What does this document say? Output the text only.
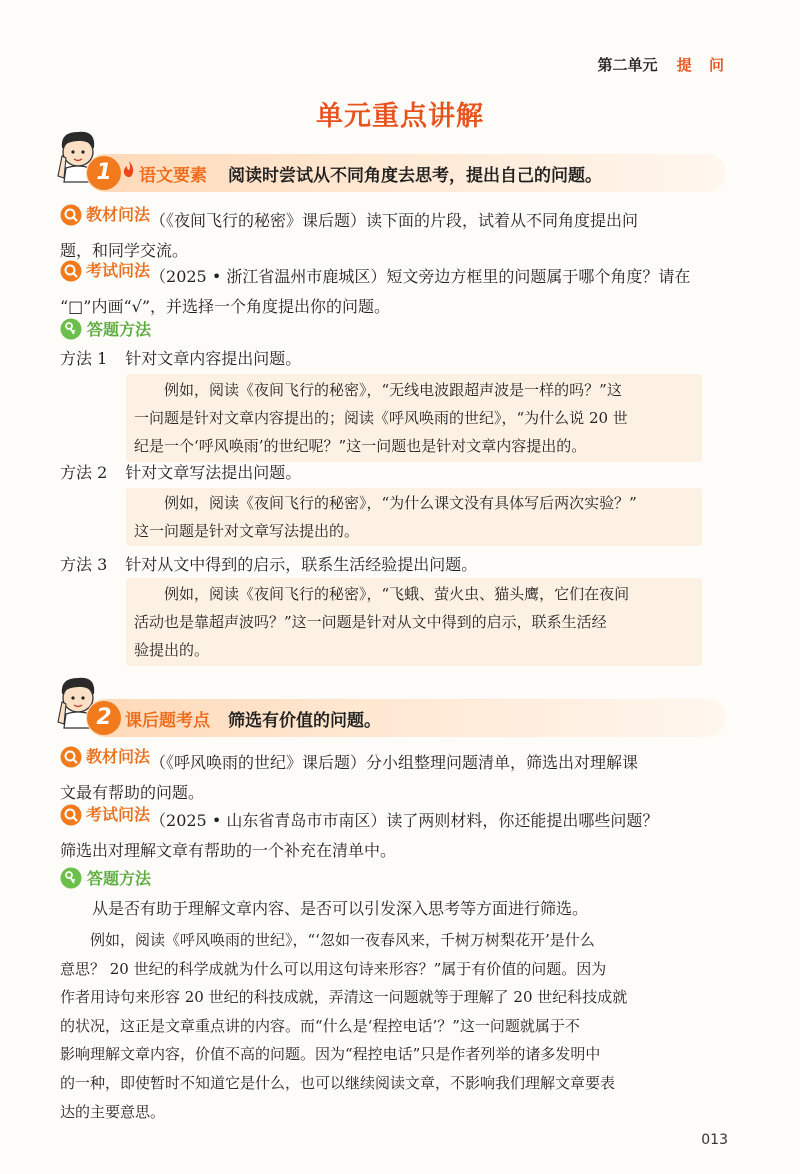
第二单元 提 问
单元重点讲解
1	语文要素 阅读时尝试从不同角度去思考，提出自己的问题。
教材问法 （《夜间飞行的秘密》课后题）读下面的片段，试着从不同角度提出问
题，和同学交流。
考试问法 （2025 • 浙江省温州市鹿城区）短文旁边方框里的问题属于哪个角度？请在
“□”内画“√”，并选择一个角度提出你的问题。
答题方法
方法 1 针对文章内容提出问题。
例如，阅读《夜间飞行的秘密》，“无线电波跟超声波是一样的吗？”这
一问题是针对文章内容提出的；阅读《呼风唤雨的世纪》，“为什么说 20 世
纪是一个‘呼风唤雨’的世纪呢？”这一问题也是针对文章内容提出的。
方法 2 针对文章写法提出问题。
例如，阅读《夜间飞行的秘密》，“为什么课文没有具体写后两次实验？”
这一问题是针对文章写法提出的。
方法 3 针对从文中得到的启示，联系生活经验提出问题。
例如，阅读《夜间飞行的秘密》，“飞蛾、萤火虫、猫头鹰，它们在夜间
活动也是靠超声波吗？”这一问题是针对从文中得到的启示，联系生活经
验提出的。
2 课后题考点 筛选有价值的问题。
教材问法 （《呼风唤雨的世纪》课后题）分小组整理问题清单，筛选出对理解课
文最有帮助的问题。
考试问法 （2025 • 山东省青岛市市南区）读了两则材料，你还能提出哪些问题？
筛选出对理解文章有帮助的一个补充在清单中。
答题方法
从是否有助于理解文章内容、是否可以引发深入思考等方面进行筛选。
例如，阅读《呼风唤雨的世纪》，“‘忽如一夜春风来，千树万树梨花开’是什么
意思？ 20 世纪的科学成就为什么可以用这句诗来形容？”属于有价值的问题。因为
作者用诗句来形容 20 世纪的科技成就，弄清这一问题就等于理解了 20 世纪科技成就
的状况，这正是文章重点讲的内容。而“什么是‘程控电话’？”这一问题就属于不
影响理解文章内容，价值不高的问题。因为“程控电话”只是作者列举的诸多发明中
的一种，即使暂时不知道它是什么，也可以继续阅读文章，不影响我们理解文章要表
达的主要意思。
013
